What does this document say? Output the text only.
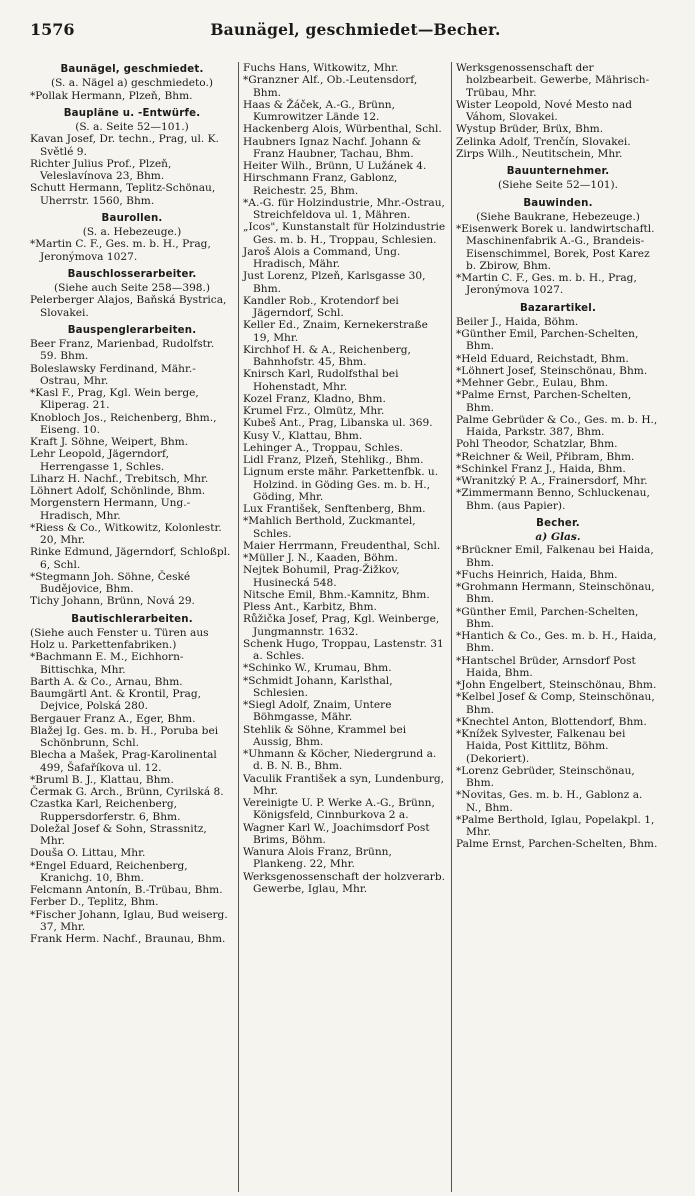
1576	Baunägel, geschmiedet—Becher.
Baunägel, geschmiedet.
(S. a. Nägel a) geschmiedeto.)
*Pollak Hermann, Plzeň, Bhm.
Baupläne u. -Entwürfe.
(S. a. Seite 52—101.)
Kavan Josef, Dr. techn., Prag, ul. K. Světlé 9.
Richter Julius Prof., Plzeň, Veleslavínova 23, Bhm.
Schutt Hermann, Teplitz-Schönau, Uherrstr. 1560, Bhm.
Baurollen.
(S. a. Hebezeuge.)
*Martin C. F., Ges. m. b. H., Prag, Jeronýmova 1027.
Bauschlosserarbeiter.
(Siehe auch Seite 258—398.)
Pelerberger Alajos, Baňská Bystrica, Slovakei.
Bauspenglerarbeiten.
Beer Franz, Marienbad, Rudolfstr. 59. Bhm.
Boleslawsky Ferdinand, Mähr.-Ostrau, Mhr.
*Kasl F., Prag, Kgl. Wein berge, Kliperag. 21.
Knobloch Jos., Reichenberg, Bhm., Eiseng. 10.
Kraft J. Söhne, Weipert, Bhm.
Lehr Leopold, Jägerndorf, Herrengasse 1, Schles.
Liharz H. Nachf., Trebitsch, Mhr.
Löhnert Adolf, Schönlinde, Bhm.
Morgenstern Hermann, Ung.-Hradisch, Mhr.
*Riess & Co., Witkowitz, Kolonlestr. 20, Mhr.
Rinke Edmund, Jägerndorf, Schloßpl. 6, Schl.
*Stegmann Joh. Söhne, České Budějovice, Bhm.
Tichy Johann, Brünn, Nová 29.
Bautischlerarbeiten.
(Siehe auch Fenster u. Türen aus Holz u. Parkettenfabriken.)
*Bachmann E. M., Eichhorn-Bittischka, Mhr.
Barth A. & Co., Arnau, Bhm.
Baumgärtl Ant. & Krontil, Prag, Dejvice, Polská 280.
Bergauer Franz A., Eger, Bhm.
Blažej Ig. Ges. m. b. H., Poruba bei Schönbrunn, Schl.
Blecha a Mašek, Prag-Karolinental 499, Šafaříkova ul. 12.
*Bruml B. J., Klattau, Bhm.
Čermak G. Arch., Brünn, Cyrilská 8.
Czastka Karl, Reichenberg, Ruppersdorferstr. 6, Bhm.
Doležal Josef & Sohn, Strassnitz, Mhr.
Douša O. Littau, Mhr.
*Engel Eduard, Reichenberg, Kranichg. 10, Bhm.
Felcmann Antonín, B.-Trübau, Bhm.
Ferber D., Teplitz, Bhm.
*Fischer Johann, Iglau, Bud weiserg. 37, Mhr.
Frank Herm. Nachf., Braunau, Bhm.
Fuchs Hans, Witkowitz, Mhr.
*Granzner Alf., Ob.-Leutensdorf, Bhm.
Haas & Žáček, A.-G., Brünn, Kumrowitzer Lände 12.
Hackenberg Alois, Würbenthal, Schl.
Haubners Ignaz Nachf. Johann & Franz Haubner, Tachau, Bhm.
Heiter Wilh., Brünn, U Lužánek 4.
Hirschmann Franz, Gablonz, Reichestr. 25, Bhm.
*A.-G. für Holzindustrie, Mhr.-Ostrau, Streichfeldova ul. 1, Mähren.
„Icos", Kunstanstalt für Holzindustrie Ges. m. b. H., Troppau, Schlesien.
Jaroš Alois a Command, Ung. Hradisch, Mähr.
Just Lorenz, Plzeň, Karlsgasse 30, Bhm.
Kandler Rob., Krotendorf bei Jägerndorf, Schl.
Keller Ed., Znaim, Kernekerstraße 19, Mhr.
Kirchhof H. & A., Reichenberg, Bahnhofstr. 45, Bhm.
Knirsch Karl, Rudolfsthal bei Hohenstadt, Mhr.
Kozel Franz, Kladno, Bhm.
Krumel Frz., Olmütz, Mhr.
Kubeš Ant., Prag, Libanska ul. 369.
Kusy V., Klattau, Bhm.
Lehinger A., Troppau, Schles.
Lidl Franz, Plzeň, Stehlikg., Bhm.
Lignum erste mähr. Parkettenfbk. u. Holzind. in Göding Ges. m. b. H., Göding, Mhr.
Lux František, Senftenberg, Bhm.
*Mahlich Berthold, Zuckmantel, Schles.
Maier Herrmann, Freudenthal, Schl.
*Müller J. N., Kaaden, Böhm.
Nejtek Bohumil, Prag-Žižkov, Husinecká 548.
Nitsche Emil, Bhm.-Kamnitz, Bhm.
Pless Ant., Karbitz, Bhm.
Růžička Josef, Prag, Kgl. Weinberge, Jungmannstr. 1632.
Schenk Hugo, Troppau, Lastenstr. 31 a. Schles.
*Schinko W., Krumau, Bhm.
*Schmidt Johann, Karlsthal, Schlesien.
*Siegl Adolf, Znaim, Untere Böhmgasse, Mähr.
Stehlik & Söhne, Krammel bei Aussig, Bhm.
*Uhmann & Köcher, Niedergrund a. d. B. N. B., Bhm.
Vaculik František a syn, Lundenburg, Mhr.
Vereinigte U. P. Werke A.-G., Brünn, Königsfeld, Cinnburkova 2 a.
Wagner Karl W., Joachimsdorf Post Brims, Böhm.
Wanura Alois Franz, Brünn, Plankeng. 22, Mhr.
Werksgenossenschaft der holzverarb. Gewerbe, Iglau, Mhr.
Werksgenossenschaft der holzbearbeit. Gewerbe, Mährisch-Trübau, Mhr.
Wister Leopold, Nové Mesto nad Váhom, Slovakei.
Wystup Brüder, Brüx, Bhm.
Zelinka Adolf, Trenčín, Slovakei.
Zirps Wilh., Neutitschein, Mhr.
Bauunternehmer.
(Siehe Seite 52—101).
Bauwinden.
(Siehe Baukrane, Hebezeuge.)
*Eisenwerk Borek u. landwirtschaftl. Maschinenfabrik A.-G., Brandeis-Eisenschimmel, Borek, Post Karez b. Zbirow, Bhm.
*Martin C. F., Ges. m. b. H., Prag, Jeronýmova 1027.
Bazarartikel.
Beiler J., Haida, Böhm.
*Günther Emil, Parchen-Schelten, Bhm.
*Held Eduard, Reichstadt, Bhm.
*Löhnert Josef, Steinschönau, Bhm.
*Mehner Gebr., Eulau, Bhm.
*Palme Ernst, Parchen-Schelten, Bhm.
Palme Gebrüder & Co., Ges. m. b. H., Haida, Parkstr. 387, Bhm.
Pohl Theodor, Schatzlar, Bhm.
*Reichner & Weil, Přibram, Bhm.
*Schinkel Franz J., Haida, Bhm.
*Wranitzký P. A., Frainersdorf, Mhr.
*Zimmermann Benno, Schluckenau, Bhm. (aus Papier).
Becher.
a) Glas.
*Brückner Emil, Falkenau bei Haida, Bhm.
*Fuchs Heinrich, Haida, Bhm.
*Grohmann Hermann, Steinschönau, Bhm.
*Günther Emil, Parchen-Schelten, Bhm.
*Hantich & Co., Ges. m. b. H., Haida, Bhm.
*Hantschel Brüder, Arnsdorf Post Haida, Bhm.
*John Engelbert, Steinschönau, Bhm.
*Kelbel Josef & Comp, Steinschönau, Bhm.
*Knechtel Anton, Blottendorf, Bhm.
*Knížek Sylvester, Falkenau bei Haida, Post Kittlitz, Böhm. (Dekoriert).
*Lorenz Gebrüder, Steinschönau, Bhm.
*Novitas, Ges. m. b. H., Gablonz a. N., Bhm.
*Palme Berthold, Iglau, Popelakpl. 1, Mhr.
Palme Ernst, Parchen-Schelten, Bhm.
